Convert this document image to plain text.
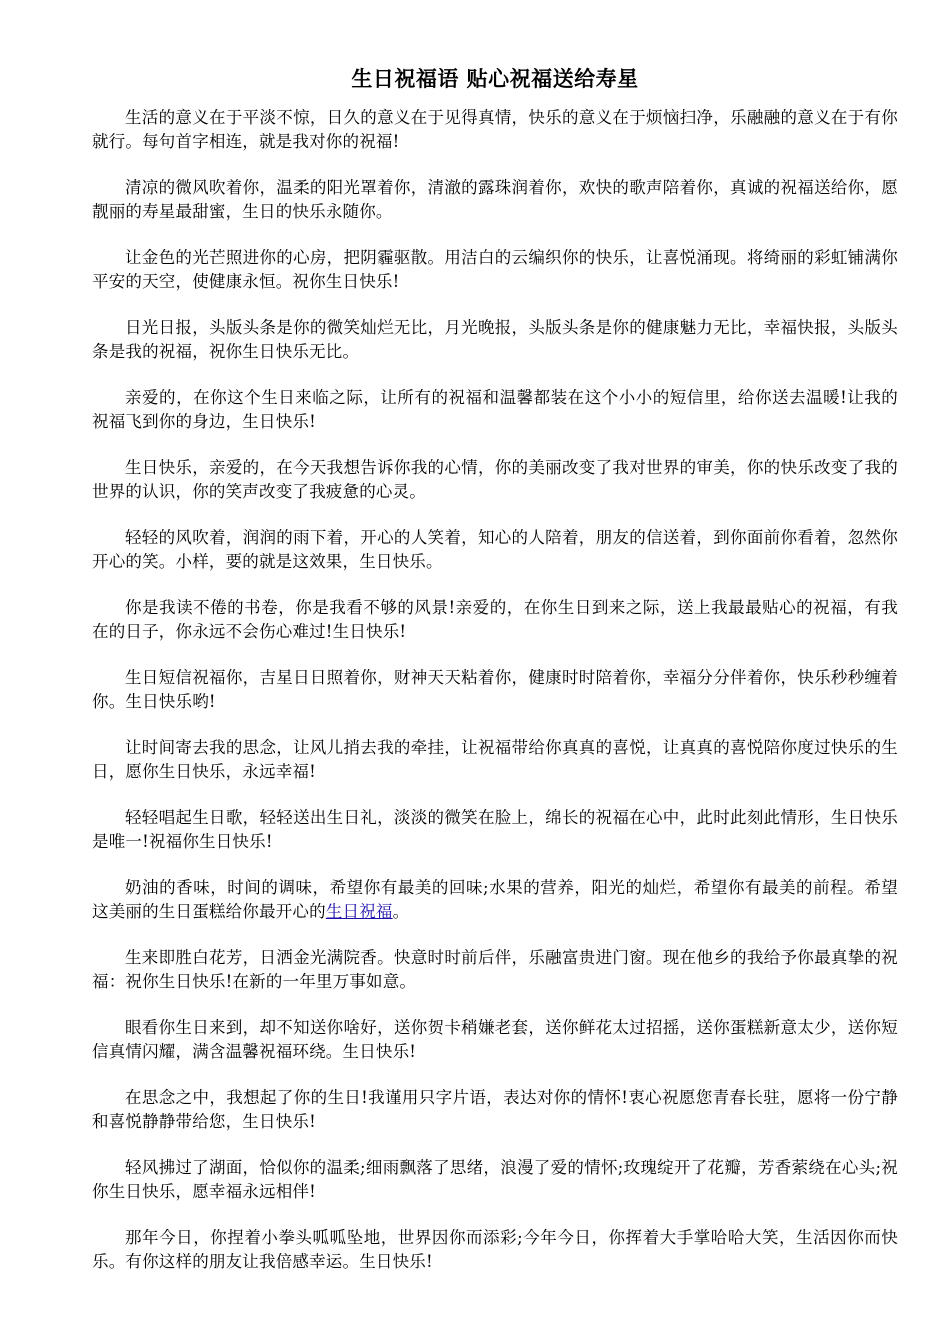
生日祝福语 贴心祝福送给寿星

生活的意义在于平淡不惊，日久的意义在于见得真情，快乐的意义在于烦恼扫净，乐融融的意义在于有你就行。每句首字相连，就是我对你的祝福!

清凉的微风吹着你，温柔的阳光罩着你，清澈的露珠润着你，欢快的歌声陪着你，真诚的祝福送给你，愿靓丽的寿星最甜蜜，生日的快乐永随你。

让金色的光芒照进你的心房，把阴霾驱散。用洁白的云编织你的快乐，让喜悦涌现。将绮丽的彩虹铺满你平安的天空，使健康永恒。祝你生日快乐!

日光日报，头版头条是你的微笑灿烂无比，月光晚报，头版头条是你的健康魅力无比，幸福快报，头版头条是我的祝福，祝你生日快乐无比。

亲爱的，在你这个生日来临之际，让所有的祝福和温馨都装在这个小小的短信里，给你送去温暖!让我的祝福飞到你的身边，生日快乐!

生日快乐，亲爱的，在今天我想告诉你我的心情，你的美丽改变了我对世界的审美，你的快乐改变了我的世界的认识，你的笑声改变了我疲惫的心灵。

轻轻的风吹着，润润的雨下着，开心的人笑着，知心的人陪着，朋友的信送着，到你面前你看着，忽然你开心的笑。小样，要的就是这效果，生日快乐。

你是我读不倦的书卷，你是我看不够的风景!亲爱的，在你生日到来之际，送上我最最贴心的祝福，有我在的日子，你永远不会伤心难过!生日快乐!

生日短信祝福你，吉星日日照着你，财神天天粘着你，健康时时陪着你，幸福分分伴着你，快乐秒秒缠着你。生日快乐哟!

让时间寄去我的思念，让风儿捎去我的牵挂，让祝福带给你真真的喜悦，让真真的喜悦陪你度过快乐的生日，愿你生日快乐，永远幸福!

轻轻唱起生日歌，轻轻送出生日礼，淡淡的微笑在脸上，绵长的祝福在心中，此时此刻此情形，生日快乐是唯一!祝福你生日快乐!

奶油的香味，时间的调味，希望你有最美的回味;水果的营养，阳光的灿烂，希望你有最美的前程。希望这美丽的生日蛋糕给你最开心的生日祝福。

生来即胜白花芳，日洒金光满院香。快意时时前后伴，乐融富贵进门窗。现在他乡的我给予你最真挚的祝福：祝你生日快乐!在新的一年里万事如意。

眼看你生日来到，却不知送你啥好，送你贺卡稍嫌老套，送你鲜花太过招摇，送你蛋糕新意太少，送你短信真情闪耀，满含温馨祝福环绕。生日快乐!

在思念之中，我想起了你的生日!我谨用只字片语，表达对你的情怀!衷心祝愿您青春长驻，愿将一份宁静和喜悦静静带给您，生日快乐!

轻风拂过了湖面，恰似你的温柔;细雨飘落了思绪，浪漫了爱的情怀;玫瑰绽开了花瓣，芳香萦绕在心头;祝你生日快乐，愿幸福永远相伴!

那年今日，你捏着小拳头呱呱坠地，世界因你而添彩;今年今日，你挥着大手掌哈哈大笑，生活因你而快乐。有你这样的朋友让我倍感幸运。生日快乐!
